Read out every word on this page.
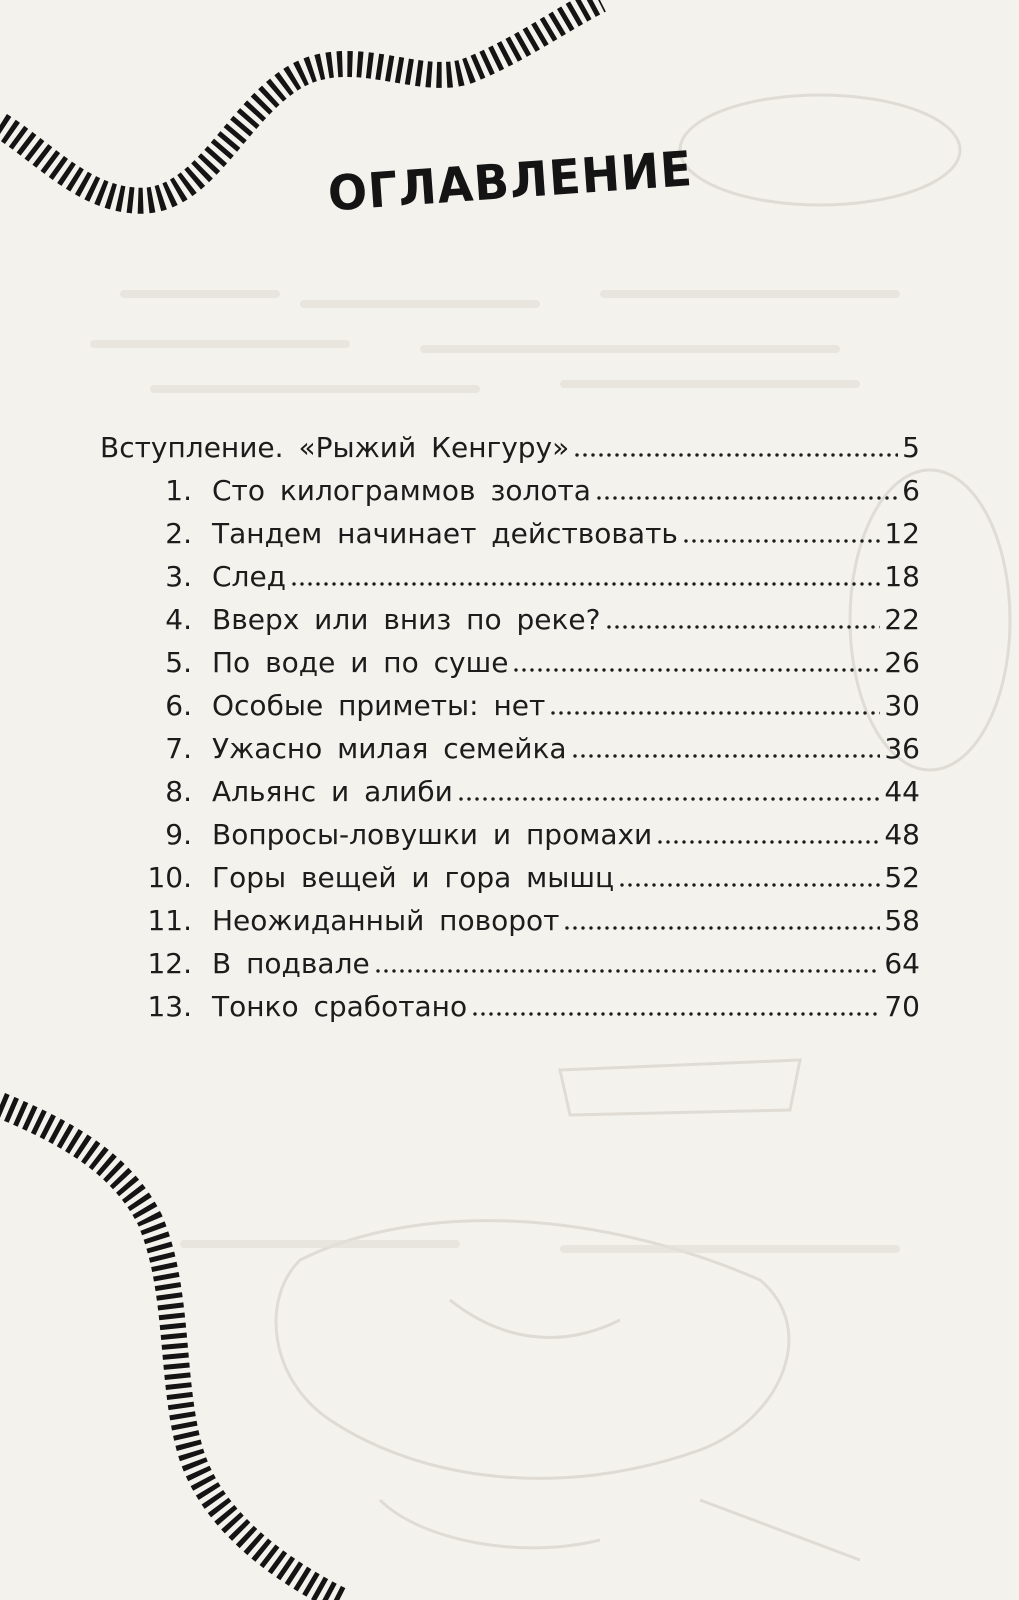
ОГЛАВЛЕНИЕ
Вступление. «Рыжий Кенгуру»	5
1. Сто килограммов золота	6
2. Тандем начинает действовать	12
3. След	18
4. Вверх или вниз по реке?	22
5. По воде и по суше	26
6. Особые приметы: нет	30
7. Ужасно милая семейка	36
8. Альянс и алиби	44
9. Вопросы-ловушки и промахи	48
10. Горы вещей и гора мышц	52
11. Неожиданный поворот	58
12. В подвале	64
13. Тонко сработано	70
